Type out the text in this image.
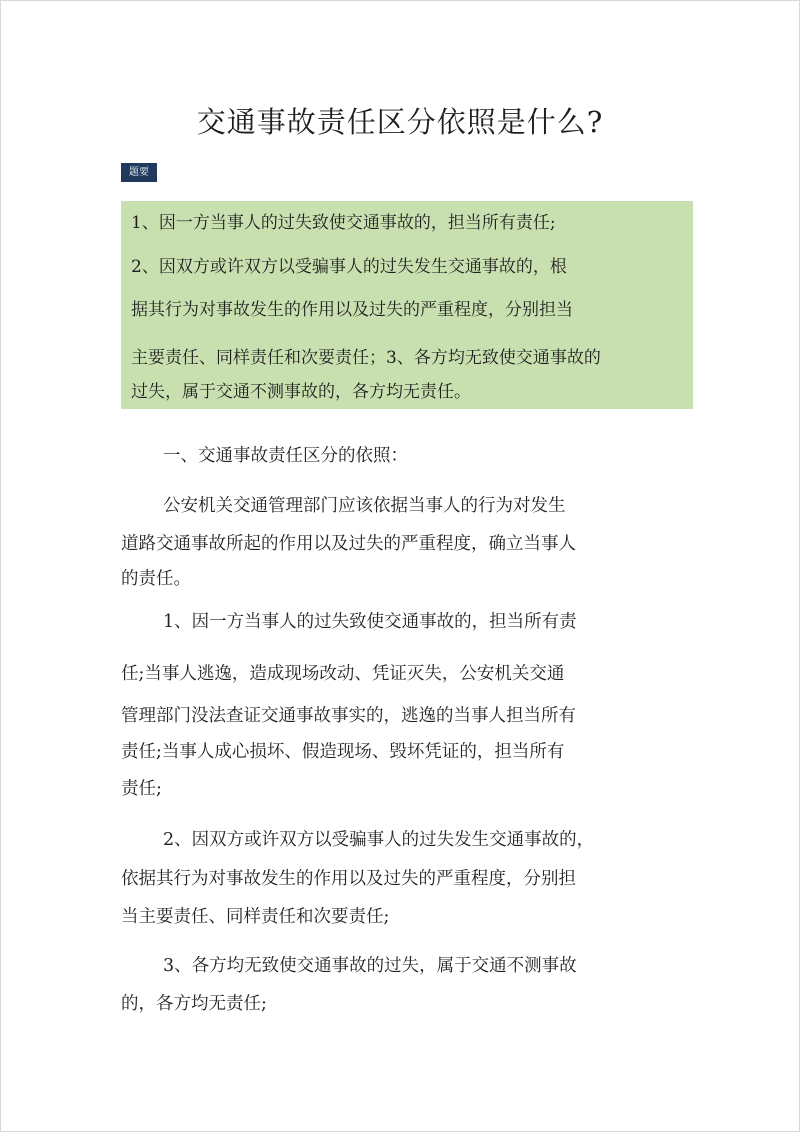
交通事故责任区分依照是什么?
题要
1、因一方当事人的过失致使交通事故的，担当所有责任;
2、因双方或许双方以受骗事人的过失发生交通事故的，根
据其行为对事故发生的作用以及过失的严重程度，分别担当
主要责任、同样责任和次要责任；3、各方均无致使交通事故的
过失，属于交通不测事故的，各方均无责任。
一、交通事故责任区分的依照：
公安机关交通管理部门应该依据当事人的行为对发生
道路交通事故所起的作用以及过失的严重程度，确立当事人
的责任。
1、因一方当事人的过失致使交通事故的，担当所有责
任;当事人逃逸，造成现场改动、凭证灭失，公安机关交通
管理部门没法查证交通事故事实的，逃逸的当事人担当所有
责任;当事人成心损坏、假造现场、毁坏凭证的，担当所有
责任;
2、因双方或许双方以受骗事人的过失发生交通事故的，
依据其行为对事故发生的作用以及过失的严重程度，分别担
当主要责任、同样责任和次要责任;
3、各方均无致使交通事故的过失，属于交通不测事故
的，各方均无责任;
